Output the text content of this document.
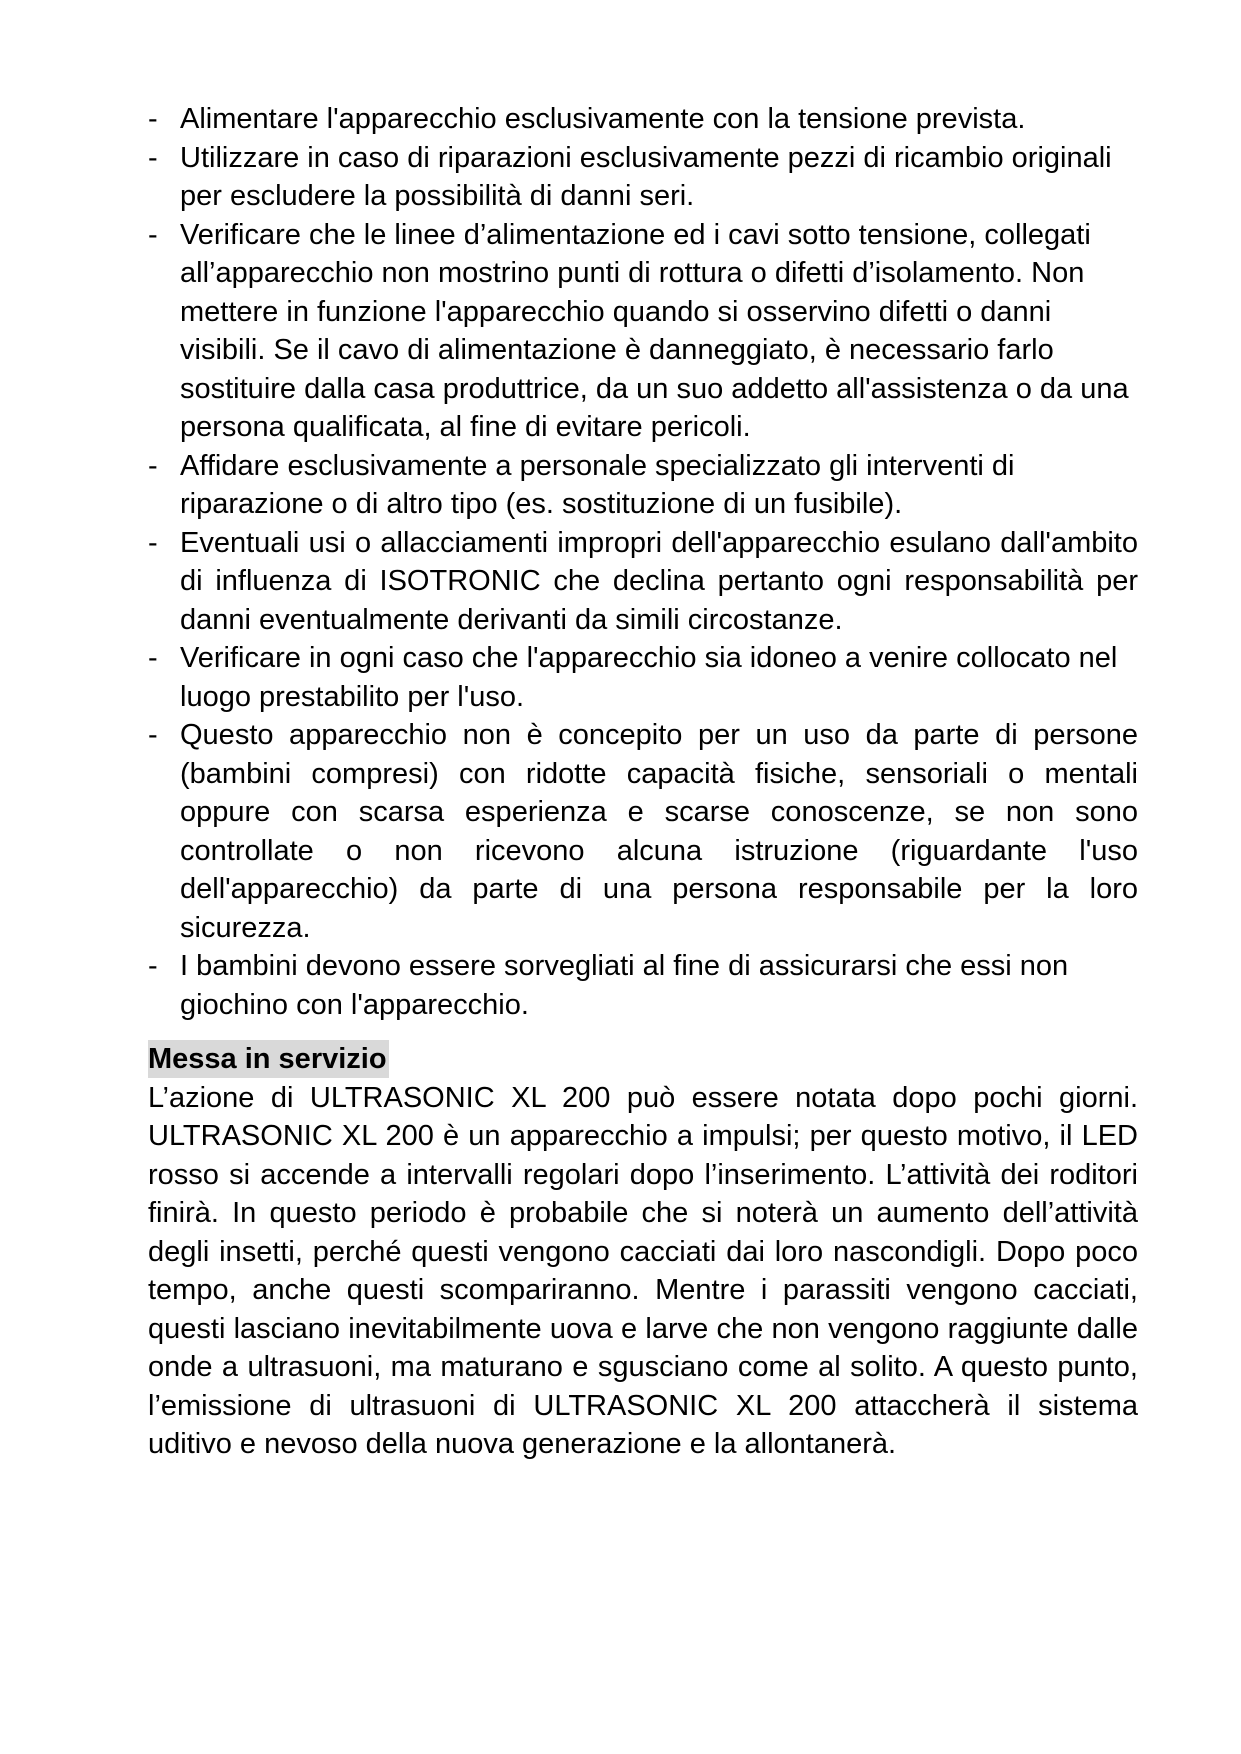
- Alimentare l'apparecchio esclusivamente con la tensione prevista.
- Utilizzare in caso di riparazioni esclusivamente pezzi di ricambio originali per escludere la possibilità di danni seri.
- Verificare che le linee d’alimentazione ed i cavi sotto tensione, collegati all’apparecchio non mostrino punti di rottura o difetti d’isolamento. Non mettere in funzione l'apparecchio quando si osservino difetti o danni visibili. Se il cavo di alimentazione è danneggiato, è necessario farlo sostituire dalla casa produttrice, da un suo addetto all'assistenza o da una persona qualificata, al fine di evitare pericoli.
- Affidare esclusivamente a personale specializzato gli interventi di riparazione o di altro tipo (es. sostituzione di un fusibile).
- Eventuali usi o allacciamenti impropri dell'apparecchio esulano dall'ambito di influenza di ISOTRONIC che declina pertanto ogni responsabilità per danni eventualmente derivanti da simili circostanze.
- Verificare in ogni caso che l'apparecchio sia idoneo a venire collocato nel luogo prestabilito per l'uso.
- Questo apparecchio non è concepito per un uso da parte di persone (bambini compresi) con ridotte capacità fisiche, sensoriali o mentali oppure con scarsa esperienza e scarse conoscenze, se non sono controllate o non ricevono alcuna istruzione (riguardante l'uso dell'apparecchio) da parte di una persona responsabile per la loro sicurezza.
- I bambini devono essere sorvegliati al fine di assicurarsi che essi non giochino con l'apparecchio.
Messa in servizio

L’azione di ULTRASONIC XL 200 può essere notata dopo pochi giorni. ULTRASONIC XL 200 è un apparecchio a impulsi; per questo motivo, il LED rosso si accende a intervalli regolari dopo l’inserimento. L’attività dei roditori finirà. In questo periodo è probabile che si noterà un aumento dell’attività degli insetti, perché questi vengono cacciati dai loro nascondigli. Dopo poco tempo, anche questi scompariranno. Mentre i parassiti vengono cacciati, questi lasciano inevitabilmente uova e larve che non vengono raggiunte dalle onde a ultrasuoni, ma maturano e sgusciano come al solito. A questo punto, l’emissione di ultrasuoni di ULTRASONIC XL 200 attaccherà il sistema uditivo e nevoso della nuova generazione e la allontanerà.
